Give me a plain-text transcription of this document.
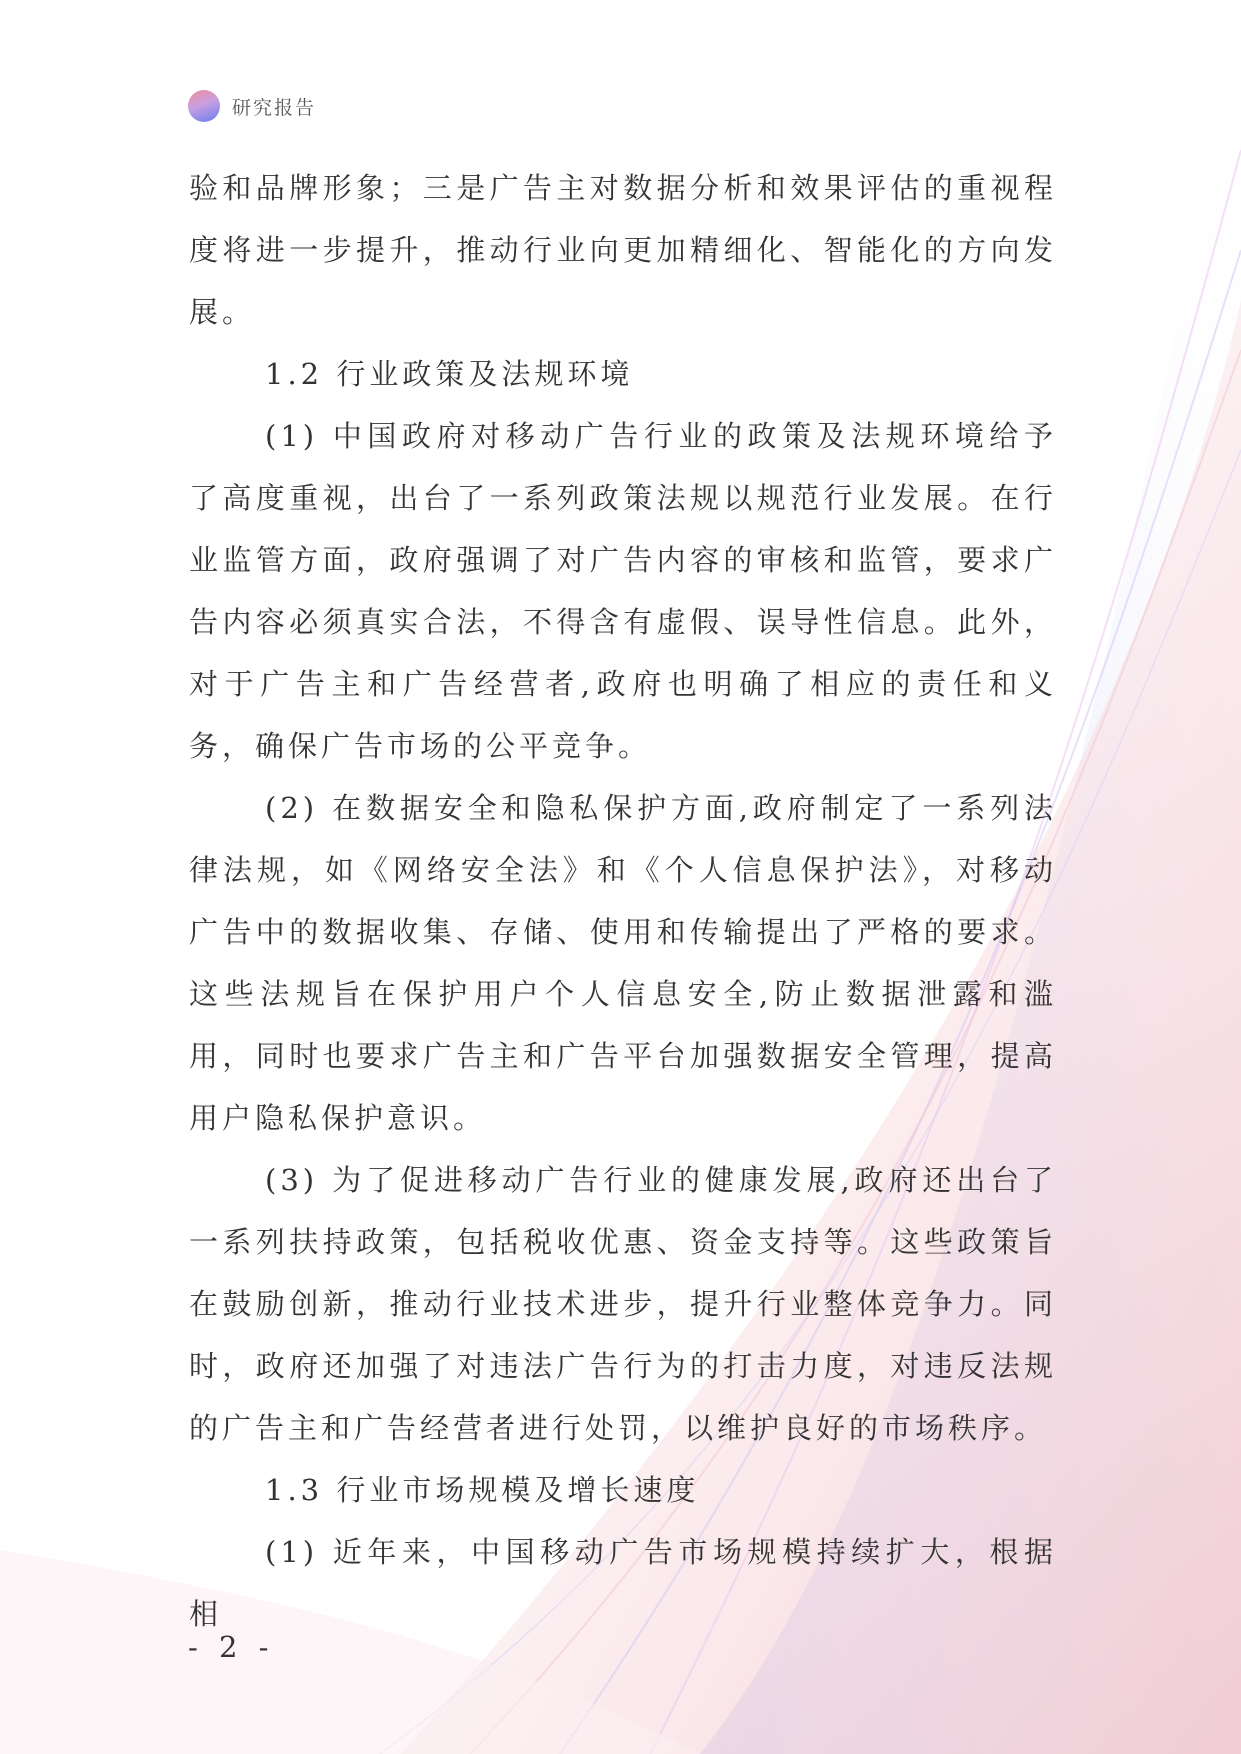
研究报告

验和品牌形象；三是广告主对数据分析和效果评估的重视程度将进一步提升，推动行业向更加精细化、智能化的方向发展。

1.2 行业政策及法规环境

(1) 中国政府对移动广告行业的政策及法规环境给予了高度重视，出台了一系列政策法规以规范行业发展。在行业监管方面，政府强调了对广告内容的审核和监管，要求广告内容必须真实合法，不得含有虚假、误导性信息。此外，对于广告主和广告经营者,政府也明确了相应的责任和义务，确保广告市场的公平竞争。

(2) 在数据安全和隐私保护方面,政府制定了一系列法律法规，如《网络安全法》和《个人信息保护法》，对移动广告中的数据收集、存储、使用和传输提出了严格的要求。这些法规旨在保护用户个人信息安全,防止数据泄露和滥用，同时也要求广告主和广告平台加强数据安全管理，提高用户隐私保护意识。

(3) 为了促进移动广告行业的健康发展,政府还出台了一系列扶持政策，包括税收优惠、资金支持等。这些政策旨在鼓励创新，推动行业技术进步，提升行业整体竞争力。同时，政府还加强了对违法广告行为的打击力度，对违反法规的广告主和广告经营者进行处罚，以维护良好的市场秩序。

1.3 行业市场规模及增长速度

(1) 近年来，中国移动广告市场规模持续扩大，根据相

- 2 -
